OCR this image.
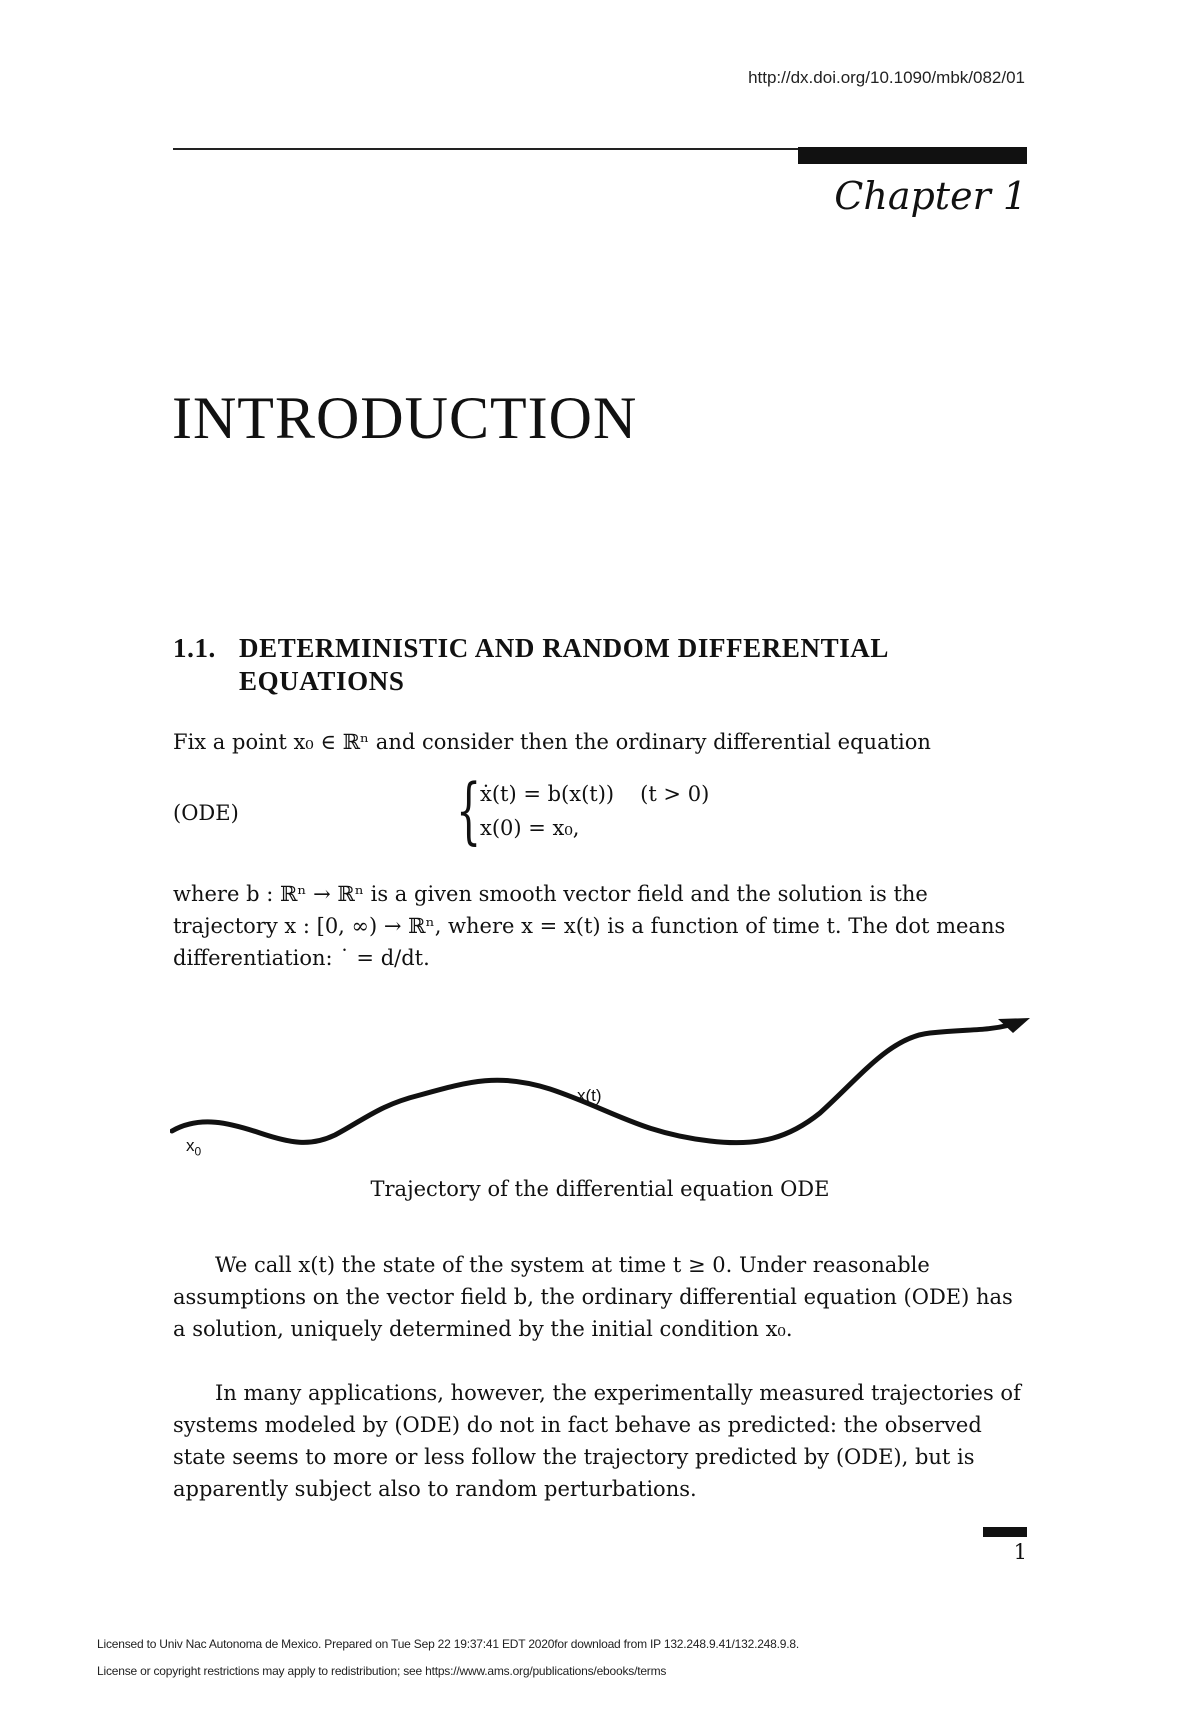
http://dx.doi.org/10.1090/mbk/082/01
Chapter 1
INTRODUCTION
1.1. DETERMINISTIC AND RANDOM DIFFERENTIAL
EQUATIONS
Fix a point x₀ ∈ ℝⁿ and consider then the ordinary differential equation
(ODE)	{
ẋ(t) = b(x(t)) (t > 0)
x(0) = x₀,
where b : ℝⁿ → ℝⁿ is a given smooth vector field and the solution is the trajectory x : [0, ∞) → ℝⁿ, where x = x(t) is a function of time t. The dot means differentiation: ˙ = d/dt.
$x_0$
x(t)
Trajectory of the differential equation ODE
We call x(t) the state of the system at time t ≥ 0. Under reasonable assumptions on the vector field b, the ordinary differential equation (ODE) has a solution, uniquely determined by the initial condition x₀.
In many applications, however, the experimentally measured trajectories of systems modeled by (ODE) do not in fact behave as predicted: the observed state seems to more or less follow the trajectory predicted by (ODE), but is apparently subject also to random perturbations.
1
Licensed to Univ Nac Autonoma de Mexico. Prepared on Tue Sep 22 19:37:41 EDT 2020for download from IP 132.248.9.41/132.248.9.8.
License or copyright restrictions may apply to redistribution; see https://www.ams.org/publications/ebooks/terms
